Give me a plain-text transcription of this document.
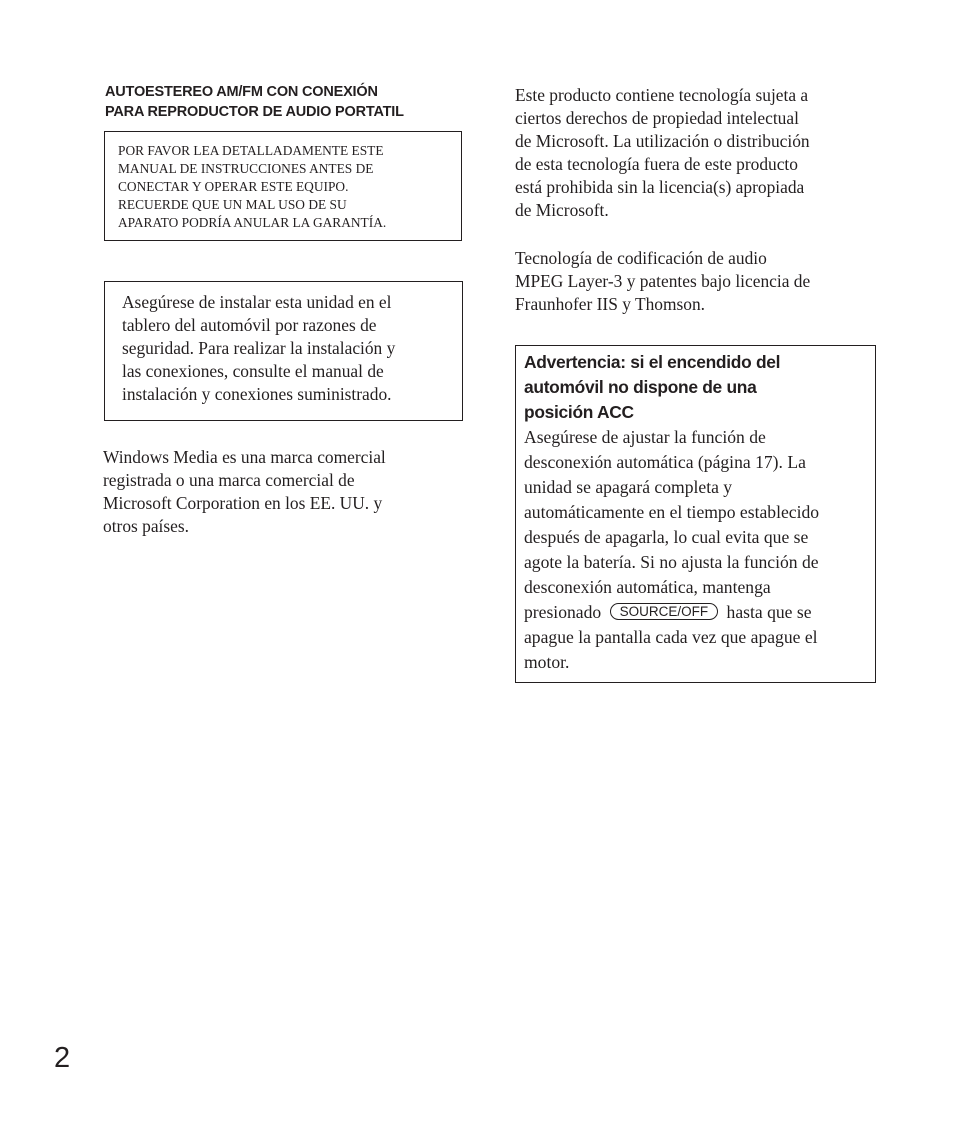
AUTOESTEREO AM/FM CON CONEXIÓN
PARA REPRODUCTOR DE AUDIO PORTATIL
POR FAVOR LEA DETALLADAMENTE ESTE
MANUAL DE INSTRUCCIONES ANTES DE
CONECTAR Y OPERAR ESTE EQUIPO.
RECUERDE QUE UN MAL USO DE SU
APARATO PODRÍA ANULAR LA GARANTÍA.
Asegúrese de instalar esta unidad en el
tablero del automóvil por razones de
seguridad. Para realizar la instalación y
las conexiones, consulte el manual de
instalación y conexiones suministrado.
Windows Media es una marca comercial
registrada o una marca comercial de
Microsoft Corporation en los EE. UU. y
otros países.
Este producto contiene tecnología sujeta a
ciertos derechos de propiedad intelectual
de Microsoft. La utilización o distribución
de esta tecnología fuera de este producto
está prohibida sin la licencia(s) apropiada
de Microsoft.
Tecnología de codificación de audio
MPEG Layer-3 y patentes bajo licencia de
Fraunhofer IIS y Thomson.
Advertencia: si el encendido del
automóvil no dispone de una
posición ACC
Asegúrese de ajustar la función de
desconexión automática (página 17). La
unidad se apagará completa y
automáticamente en el tiempo establecido
después de apagarla, lo cual evita que se
agote la batería. Si no ajusta la función de
desconexión automática, mantenga
presionado SOURCE/OFF hasta que se
apague la pantalla cada vez que apague el
motor.
2
